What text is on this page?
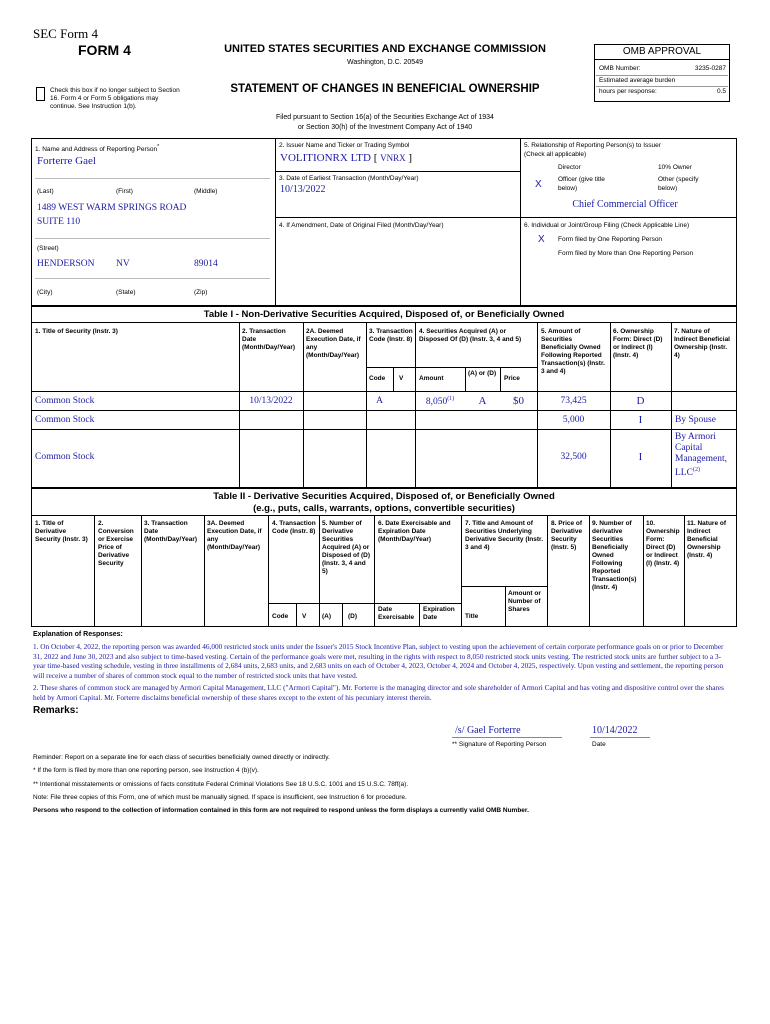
SEC Form 4
FORM 4	UNITED STATES SECURITIES AND EXCHANGE COMMISSION
Washington, D.C. 20549
STATEMENT OF CHANGES IN BENEFICIAL OWNERSHIP
Check this box if no longer subject to Section 16. Form 4 or Form 5 obligations may continue. See Instruction 1(b).
Filed pursuant to Section 16(a) of the Securities Exchange Act of 1934
or Section 30(h) of the Investment Company Act of 1940
OMB APPROVAL
OMB Number:	3235-0287
Estimated average burden
hours per response:	0.5
1. Name and Address of Reporting Person*
Forterre Gael
(Last)	(First)	(Middle)
1489 WEST WARM SPRINGS ROAD
SUITE 110
(Street)
HENDERSON NV	89014
(City)	(State)	(Zip)
2. Issuer Name and Ticker or Trading Symbol
VOLITIONRX LTD [ VNRX ]
3. Date of Earliest Transaction (Month/Day/Year)
10/13/2022
4. If Amendment, Date of Original Filed (Month/Day/Year)
5. Relationship of Reporting Person(s) to Issuer
(Check all applicable)
Director	10% Owner
X	Officer (give title
below)
Other (specify
below)
Chief Commercial Officer
6. Individual or Joint/Group Filing (Check Applicable Line)
X Form filed by One Reporting Person
Form filed by More than One Reporting Person
Table I - Non-Derivative Securities Acquired, Disposed of, or Beneficially Owned
1. Title of Security (Instr. 3)	2. Transaction Date (Month/Day/Year)
2A. Deemed Execution Date, if any (Month/Day/Year)
3. Transaction Code (Instr. 8)
4. Securities Acquired (A) or Disposed Of (D) (Instr. 3, 4 and 5)
5. Amount of Securities Beneficially Owned Following Reported Transaction(s) (Instr. 3 and 4)
6. Ownership Form: Direct (D) or Indirect (I) (Instr. 4)
7. Nature of Indirect Beneficial Ownership (Instr. 4)
Code V Amount
(A) or (D)
Price
Common Stock	10/13/2022	A	8,050$^{(1)}$	A	$0	73,425	D
Common Stock	5,000	I	By Spouse
Common Stock	32,500	I
By Armori Capital Management, LLC$^{(2)}$
Table II - Derivative Securities Acquired, Disposed of, or Beneficially Owned
(e.g., puts, calls, warrants, options, convertible securities)
1. Title of Derivative Security (Instr. 3)
2. Conversion or Exercise Price of Derivative Security
3. Transaction Date (Month/Day/Year)
3A. Deemed Execution Date, if any (Month/Day/Year)
4. Transaction Code (Instr. 8)
5. Number of Derivative Securities Acquired (A) or Disposed of (D) (Instr. 3, 4 and 5)
6. Date Exercisable and Expiration Date (Month/Day/Year)
7. Title and Amount of Securities Underlying Derivative Security (Instr. 3 and 4)
8. Price of Derivative Security (Instr. 5)
9. Number of derivative Securities Beneficially Owned Following Reported Transaction(s) (Instr. 4)
10. Ownership Form: Direct (D) or Indirect (I) (Instr. 4)
11. Nature of Indirect Beneficial Ownership (Instr. 4)
Code V (A)	(D)
Date Exercisable
Expiration Date	Title
Amount or Number of Shares
Explanation of Responses:
1. On October 4, 2022, the reporting person was awarded 46,000 restricted stock units under the Issuer's 2015 Stock Incentive Plan, subject to vesting upon the achievement of certain corporate performance goals on or prior to December 31, 2022 and June 30, 2023 and also subject to time-based vesting. Certain of the performance goals were met, resulting in the rights with respect to 8,050 restricted stock units vesting. The restricted stock units are further subject to a 3-year time-based vesting schedule, vesting in three installments of 2,684 units, 2,683 units, and 2,683 units on each of October 4, 2023, October 4, 2024 and October 4, 2025, respectively. Upon vesting and settlement, the reporting person will receive a number of shares of common stock equal to the number of restricted stock units that have vested.
2. These shares of common stock are managed by Armori Capital Management, LLC ("Armori Capital"). Mr. Forterre is the managing director and sole shareholder of Armori Capital and has voting and dispositive control over the shares held by Armori Capital. Mr. Forterre disclaims beneficial ownership of these shares except to the extent of his pecuniary interest therein.
Remarks:
/s/ Gael Forterre	10/14/2022
** Signature of Reporting Person	Date
Reminder: Report on a separate line for each class of securities beneficially owned directly or indirectly.
* If the form is filed by more than one reporting person, see Instruction 4 (b)(v).
** Intentional misstatements or omissions of facts constitute Federal Criminal Violations See 18 U.S.C. 1001 and 15 U.S.C. 78ff(a).
Note: File three copies of this Form, one of which must be manually signed. If space is insufficient, see Instruction 6 for procedure.
Persons who respond to the collection of information contained in this form are not required to respond unless the form displays a currently valid OMB Number.
